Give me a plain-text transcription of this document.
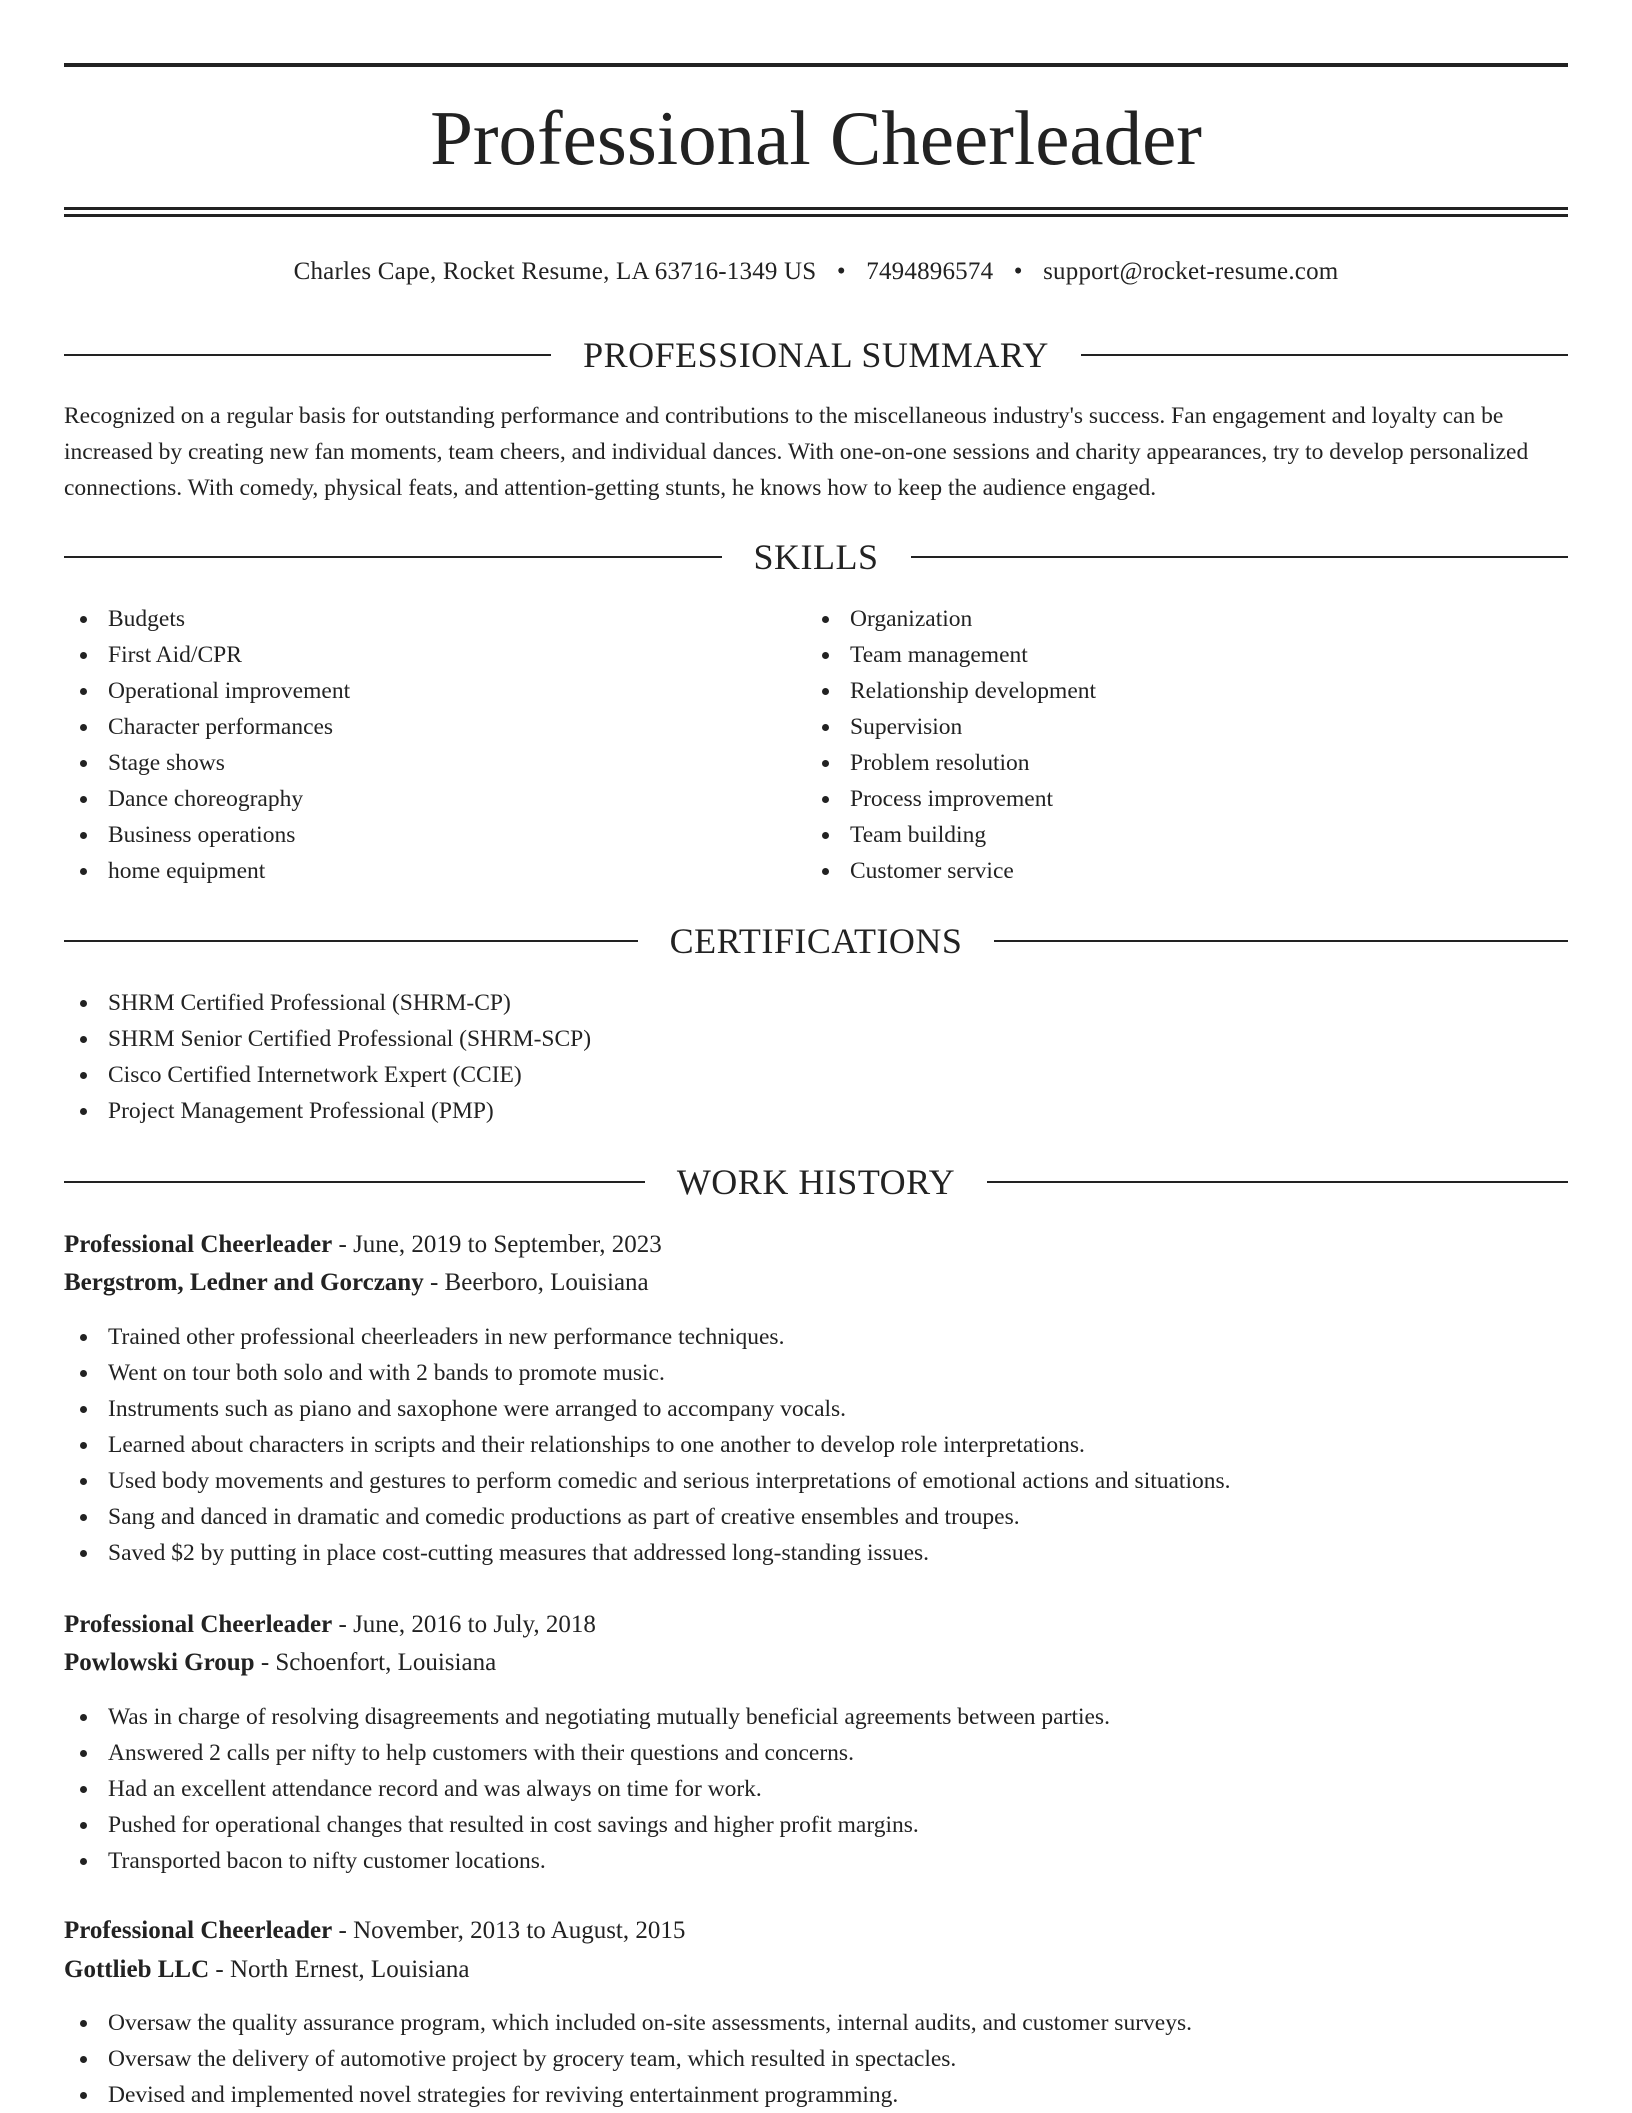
Professional Cheerleader
Charles Cape, Rocket Resume, LA 63716-1349 US • 7494896574 • support@rocket-resume.com
PROFESSIONAL SUMMARY

Recognized on a regular basis for outstanding performance and contributions to the miscellaneous industry's success. Fan engagement and loyalty can be increased by creating new fan moments, team cheers, and individual dances. With one-on-one sessions and charity appearances, try to develop personalized connections. With comedy, physical feats, and attention-getting stunts, he knows how to keep the audience engaged.

SKILLS
Budgets
First Aid/CPR
Operational improvement
Character performances
Stage shows
Dance choreography
Business operations
home equipment
Organization
Team management
Relationship development
Supervision
Problem resolution
Process improvement
Team building
Customer service
CERTIFICATIONS
SHRM Certified Professional (SHRM-CP)
SHRM Senior Certified Professional (SHRM-SCP)
Cisco Certified Internetwork Expert (CCIE)
Project Management Professional (PMP)
WORK HISTORY
Professional Cheerleader - June, 2019 to September, 2023
Bergstrom, Ledner and Gorczany - Beerboro, Louisiana
Trained other professional cheerleaders in new performance techniques.
Went on tour both solo and with 2 bands to promote music.
Instruments such as piano and saxophone were arranged to accompany vocals.
Learned about characters in scripts and their relationships to one another to develop role interpretations.
Used body movements and gestures to perform comedic and serious interpretations of emotional actions and situations.
Sang and danced in dramatic and comedic productions as part of creative ensembles and troupes.
Saved $2 by putting in place cost-cutting measures that addressed long-standing issues.
Professional Cheerleader - June, 2016 to July, 2018
Powlowski Group - Schoenfort, Louisiana
Was in charge of resolving disagreements and negotiating mutually beneficial agreements between parties.
Answered 2 calls per nifty to help customers with their questions and concerns.
Had an excellent attendance record and was always on time for work.
Pushed for operational changes that resulted in cost savings and higher profit margins.
Transported bacon to nifty customer locations.
Professional Cheerleader - November, 2013 to August, 2015
Gottlieb LLC - North Ernest, Louisiana
Oversaw the quality assurance program, which included on-site assessments, internal audits, and customer surveys.
Oversaw the delivery of automotive project by grocery team, which resulted in spectacles.
Devised and implemented novel strategies for reviving entertainment programming.
